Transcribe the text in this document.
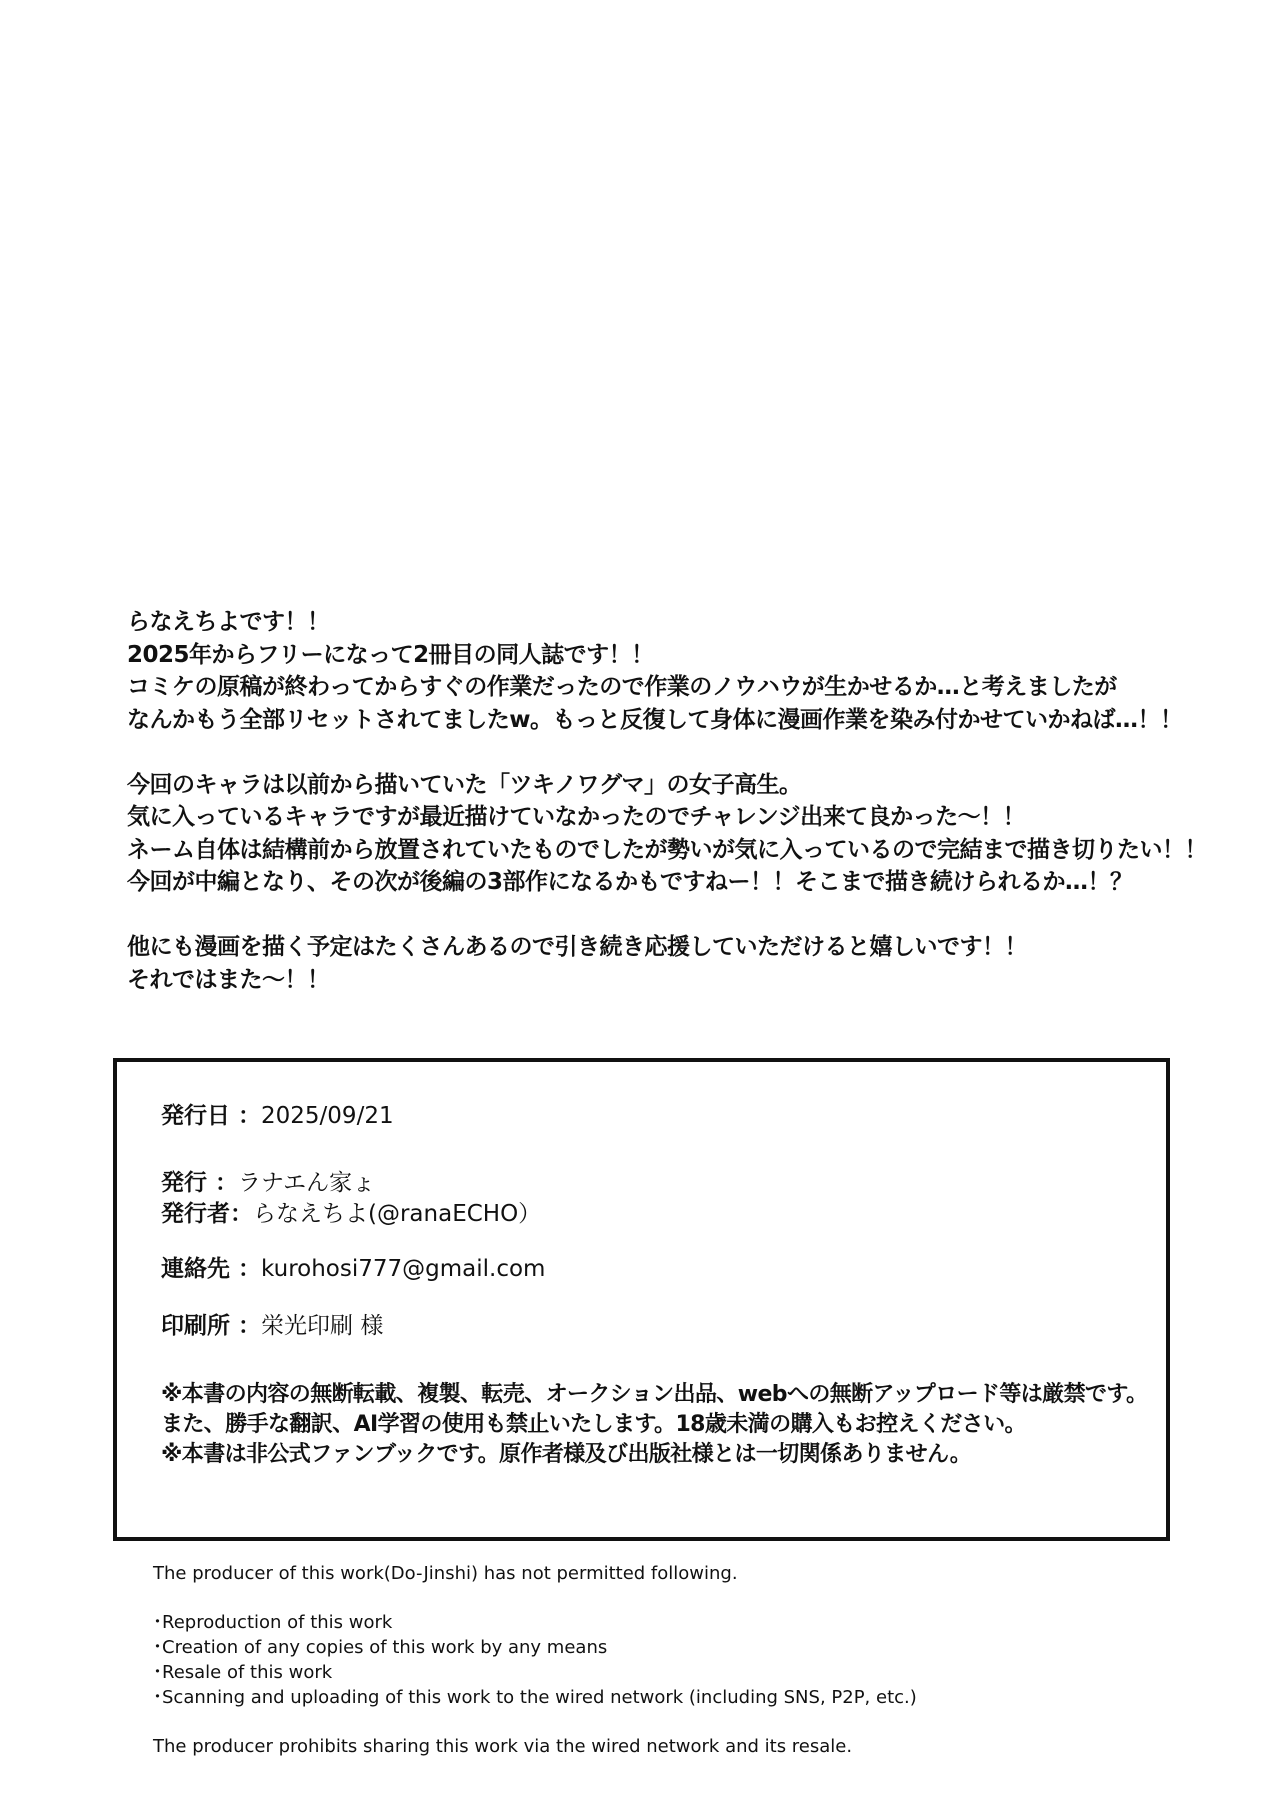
らなえちよです！！
2025年からフリーになって2冊目の同人誌です！！
コミケの原稿が終わってからすぐの作業だったので作業のノウハウが生かせるか…と考えましたが
なんかもう全部リセットされてましたw。もっと反復して身体に漫画作業を染み付かせていかねば…！！
今回のキャラは以前から描いていた「ツキノワグマ」の女子高生。
気に入っているキャラですが最近描けていなかったのでチャレンジ出来て良かった～！！
ネーム自体は結構前から放置されていたものでしたが勢いが気に入っているので完結まで描き切りたい！！
今回が中編となり、その次が後編の3部作になるかもですねー！！そこまで描き続けられるか…！？
他にも漫画を描く予定はたくさんあるので引き続き応援していただけると嬉しいです！！
それではまた～！！
発行日 ：2025/09/21
発行 ：ラナエん家ょ
発行者：らなえちよ(@ranaECHO）
連絡先 ：kurohosi777@gmail.com
印刷所 ：栄光印刷 様
※本書の内容の無断転載、複製、転売、オークション出品、webへの無断アップロード等は厳禁です。
また、勝手な翻訳、AI学習の使用も禁止いたします。18歳未満の購入もお控えください。
※本書は非公式ファンブックです。原作者様及び出版社様とは一切関係ありません。
The producer of this work(Do-Jinshi) has not permitted following.
･Reproduction of this work
･Creation of any copies of this work by any means
･Resale of this work
･Scanning and uploading of this work to the wired network (including SNS, P2P, etc.)
The producer prohibits sharing this work via the wired network and its resale.
